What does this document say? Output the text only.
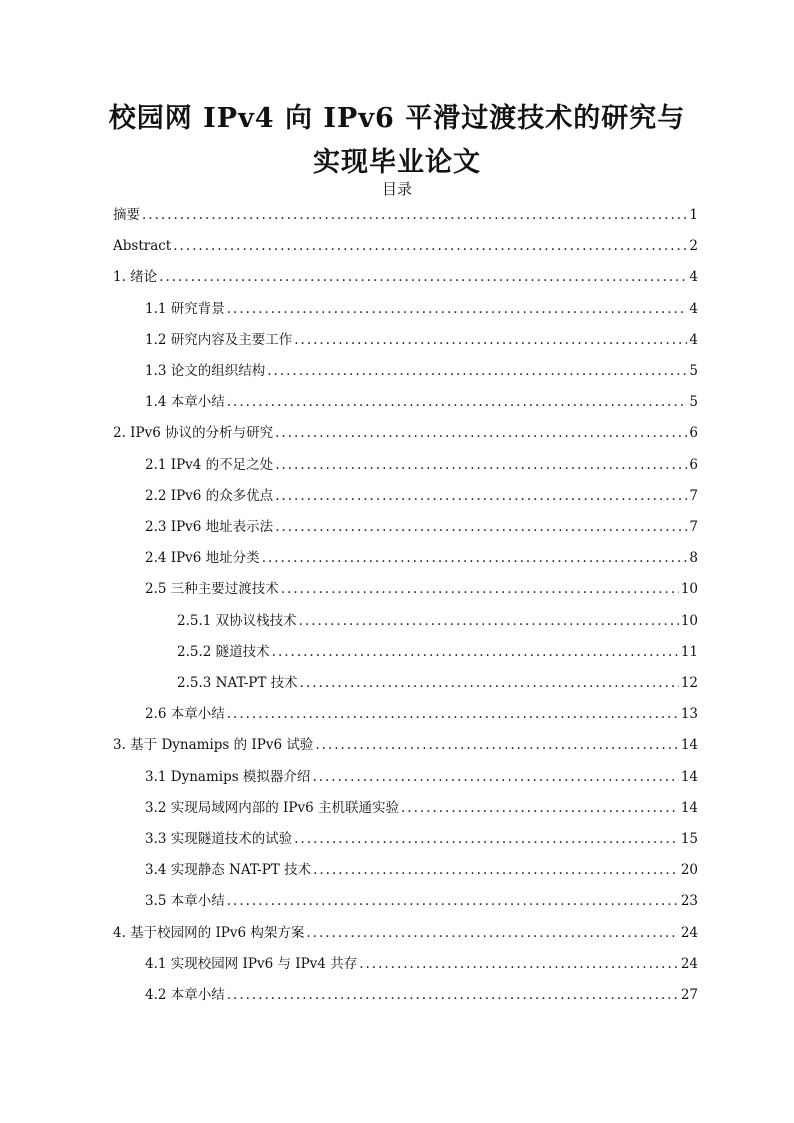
校园网 IPv4 向 IPv6 平滑过渡技术的研究与
实现毕业论文
目录
摘要 .....	1
Abstract .....	2
1. 绪论 .....	4
1.1 研究背景 .....	4
1.2 研究内容及主要工作 .....	4
1.3 论文的组织结构 .....	5
1.4 本章小结 .....	5
2. IPv6 协议的分析与研究 .....	6
2.1 IPv4 的不足之处 .....	6
2.2 IPv6 的众多优点 .....	7
2.3 IPv6 地址表示法 .....	7
2.4 IPv6 地址分类 .....	8
2.5 三种主要过渡技术 .....	10
2.5.1 双协议栈技术 .....	10
2.5.2 隧道技术 .....	11
2.5.3 NAT-PT 技术 .....	12
2.6 本章小结 .....	13
3. 基于 Dynamips 的 IPv6 试验 .....	14
3.1 Dynamips 模拟器介绍 .....	14
3.2 实现局域网内部的 IPv6 主机联通实验 .....	14
3.3 实现隧道技术的试验 .....	15
3.4 实现静态 NAT-PT 技术 .....	20
3.5 本章小结 .....	23
4. 基于校园网的 IPv6 构架方案 .....	24
4.1 实现校园网 IPv6 与 IPv4 共存 .....	24
4.2 本章小结 .....	27
